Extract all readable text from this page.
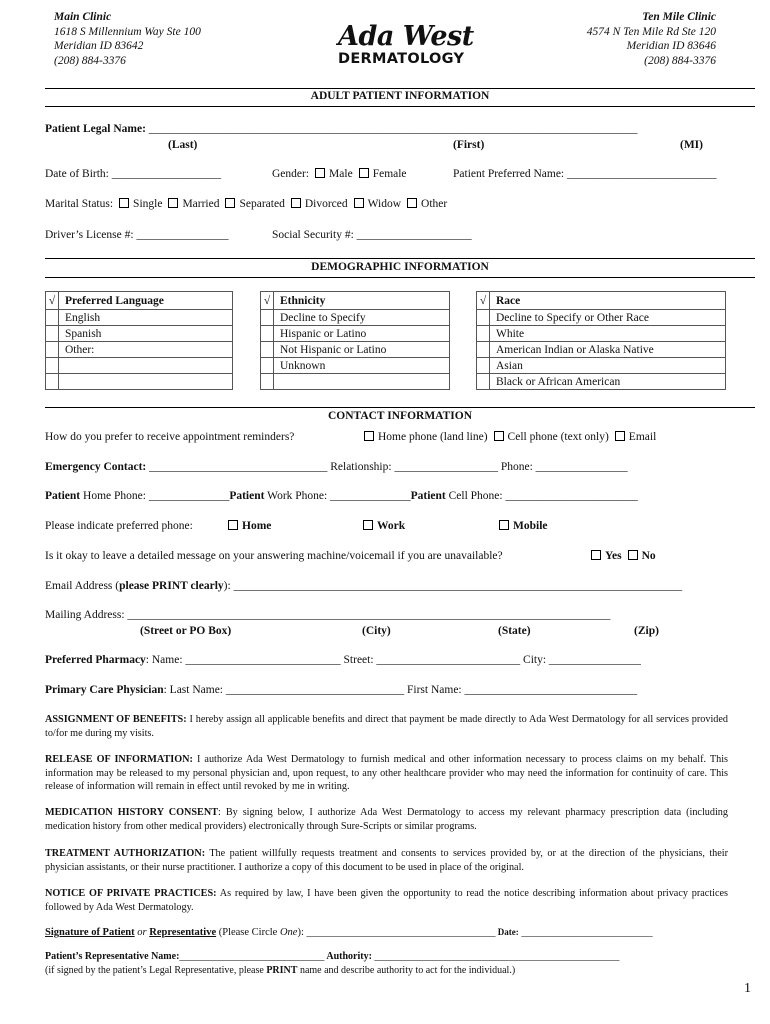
Main Clinic
1618 S Millennium Way Ste 100
Meridian ID 83642
(208) 884-3376
Ada West
DERMATOLOGY
Ten Mile Clinic
4574 N Ten Mile Rd Ste 120
Meridian ID 83646
(208) 884-3376
ADULT PATIENT INFORMATION
Patient Legal Name: _____________________________________________________________________________________
(Last)	(First)	(MI)
Date of Birth: ___________________	Gender: Male Female	Patient Preferred Name: __________________________
Marital Status: Single Married Separated Divorced Widow Other
Driver’s License #: ________________	Social Security #: ____________________
DEMOGRAPHIC INFORMATION
√	Preferred Language
	English
	Spanish
	Other:

√	Ethnicity
	Decline to Specify
	Hispanic or Latino
	Not Hispanic or Latino
	Unknown

√	Race
	Decline to Specify or Other Race
	White
	American Indian or Alaska Native
	Asian
	Black or African American
CONTACT INFORMATION
How do you prefer to receive appointment reminders?	Home phone (land line) Cell phone (text only) Email
Emergency Contact: _______________________________ Relationship: __________________ Phone: ________________
Patient Home Phone: ______________Patient Work Phone: ______________Patient Cell Phone: _______________________
Please indicate preferred phone:	Home	Work	Mobile
Is it okay to leave a detailed message on your answering machine/voicemail if you are unavailable?	Yes No
Email Address (please PRINT clearly): ______________________________________________________________________________
Mailing Address: ____________________________________________________________________________________
(Street or PO Box)	(City)	(State)	(Zip)
Preferred Pharmacy: Name: ___________________________ Street: _________________________ City: ________________
Primary Care Physician: Last Name: _______________________________ First Name: ______________________________
ASSIGNMENT OF BENEFITS: I hereby assign all applicable benefits and direct that payment be made directly to Ada West Dermatology for all services provided to/for me during my visits.
RELEASE OF INFORMATION: I authorize Ada West Dermatology to furnish medical and other information necessary to process claims on my behalf. This information may be released to my personal physician and, upon request, to any other healthcare provider who may need the information for continuity of care. This release of information will remain in effect until revoked by me in writing.
MEDICATION HISTORY CONSENT: By signing below, I authorize Ada West Dermatology to access my relevant pharmacy prescription data (including medication history from other medical providers) electronically through Sure-Scripts or similar programs.
TREATMENT AUTHORIZATION: The patient willfully requests treatment and consents to services provided by, or at the direction of the physicians, their physician assistants, or their nurse practitioner. I authorize a copy of this document to be used in place of the original.
NOTICE OF PRIVATE PRACTICES: As required by law, I have been given the opportunity to read the notice describing information about privacy practices followed by Ada West Dermatology.
Signature of Patient or Representative (Please Circle One): ____________________________________ Date: _________________________
Patient’s Representative Name:_____________________________ Authority: _________________________________________________
(if signed by the patient’s Legal Representative, please PRINT name and describe authority to act for the individual.)
1
